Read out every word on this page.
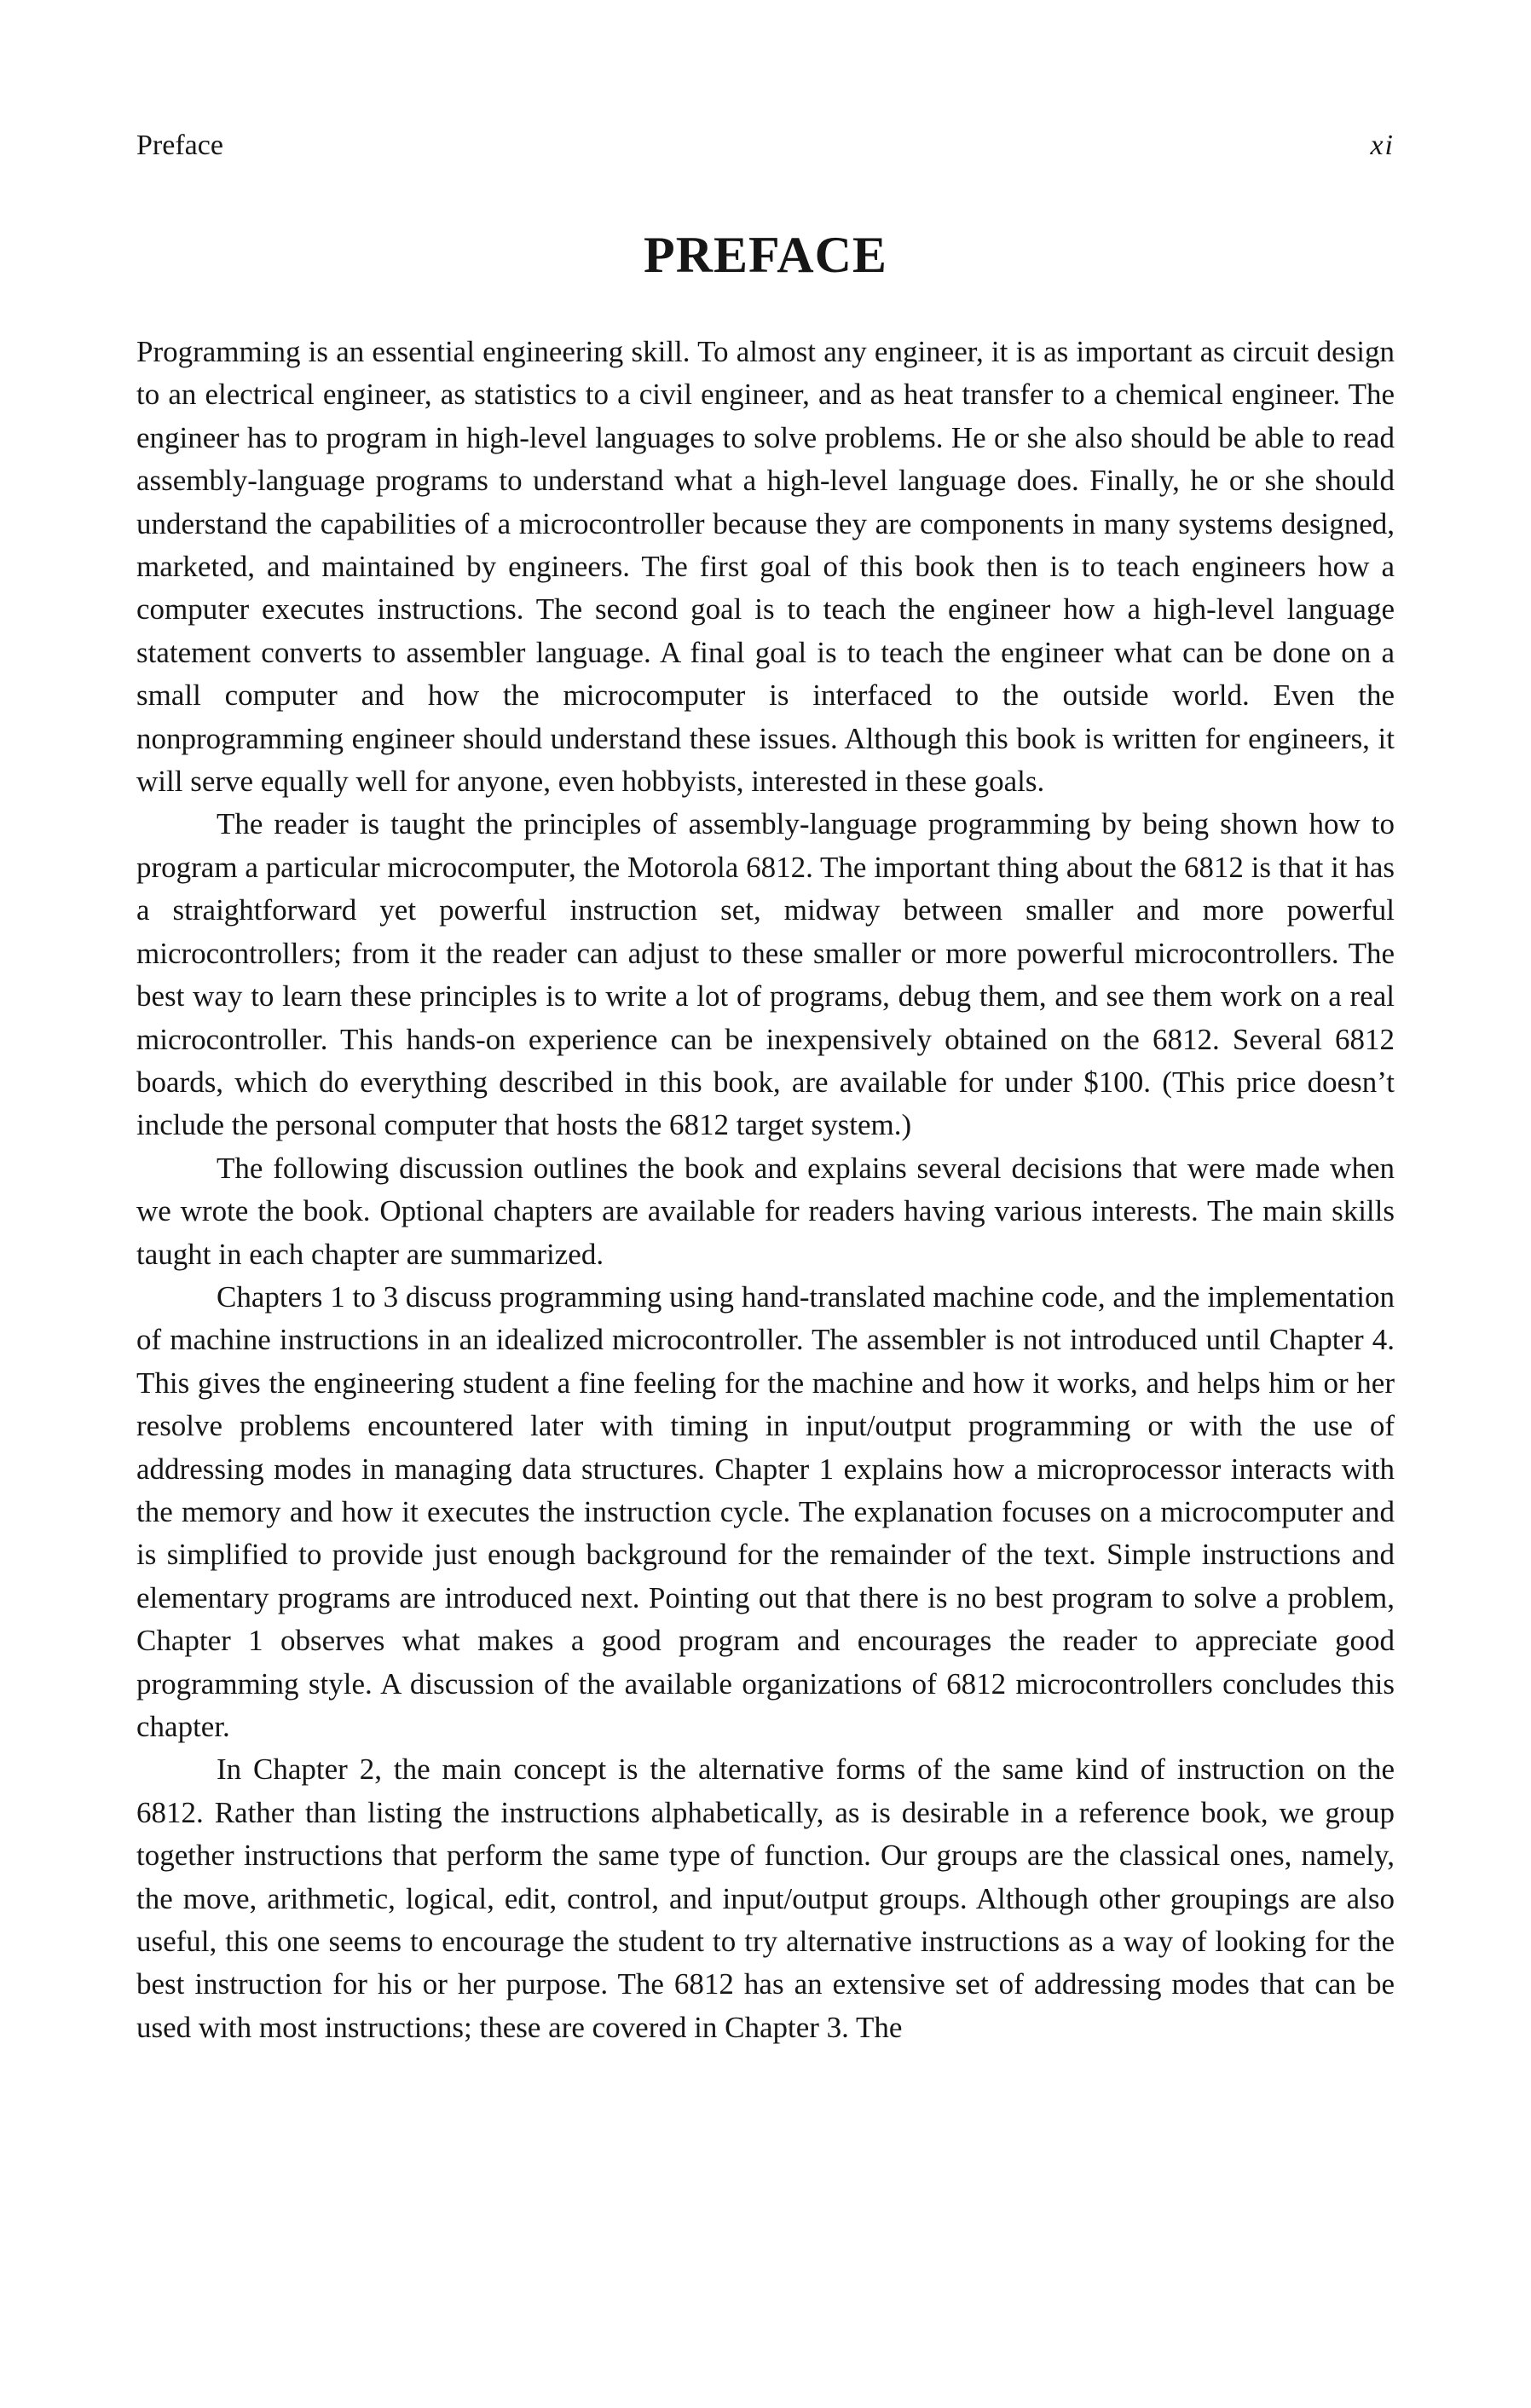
Preface	xi
PREFACE

Programming is an essential engineering skill. To almost any engineer, it is as important as circuit design to an electrical engineer, as statistics to a civil engineer, and as heat transfer to a chemical engineer. The engineer has to program in high-level languages to solve problems. He or she also should be able to read assembly-language programs to understand what a high-level language does. Finally, he or she should understand the capabilities of a microcontroller because they are components in many systems designed, marketed, and maintained by engineers. The first goal of this book then is to teach engineers how a computer executes instructions. The second goal is to teach the engineer how a high-level language statement converts to assembler language. A final goal is to teach the engineer what can be done on a small computer and how the microcomputer is interfaced to the outside world. Even the nonprogramming engineer should understand these issues. Although this book is written for engineers, it will serve equally well for anyone, even hobbyists, interested in these goals.

The reader is taught the principles of assembly-language programming by being shown how to program a particular microcomputer, the Motorola 6812. The important thing about the 6812 is that it has a straightforward yet powerful instruction set, midway between smaller and more powerful microcontrollers; from it the reader can adjust to these smaller or more powerful microcontrollers. The best way to learn these principles is to write a lot of programs, debug them, and see them work on a real microcontroller. This hands-on experience can be inexpensively obtained on the 6812. Several 6812 boards, which do everything described in this book, are available for under $100. (This price doesn’t include the personal computer that hosts the 6812 target system.)

The following discussion outlines the book and explains several decisions that were made when we wrote the book. Optional chapters are available for readers having various interests. The main skills taught in each chapter are summarized.

Chapters 1 to 3 discuss programming using hand-translated machine code, and the implementation of machine instructions in an idealized microcontroller. The assembler is not introduced until Chapter 4. This gives the engineering student a fine feeling for the machine and how it works, and helps him or her resolve problems encountered later with timing in input/output programming or with the use of addressing modes in managing data structures. Chapter 1 explains how a microprocessor interacts with the memory and how it executes the instruction cycle. The explanation focuses on a microcomputer and is simplified to provide just enough background for the remainder of the text. Simple instructions and elementary programs are introduced next. Pointing out that there is no best program to solve a problem, Chapter 1 observes what makes a good program and encourages the reader to appreciate good programming style. A discussion of the available organizations of 6812 microcontrollers concludes this chapter.

In Chapter 2, the main concept is the alternative forms of the same kind of instruction on the 6812. Rather than listing the instructions alphabetically, as is desirable in a reference book, we group together instructions that perform the same type of function. Our groups are the classical ones, namely, the move, arithmetic, logical, edit, control, and input/output groups. Although other groupings are also useful, this one seems to encourage the student to try alternative instructions as a way of looking for the best instruction for his or her purpose. The 6812 has an extensive set of addressing modes that can be used with most instructions; these are covered in Chapter 3. The
